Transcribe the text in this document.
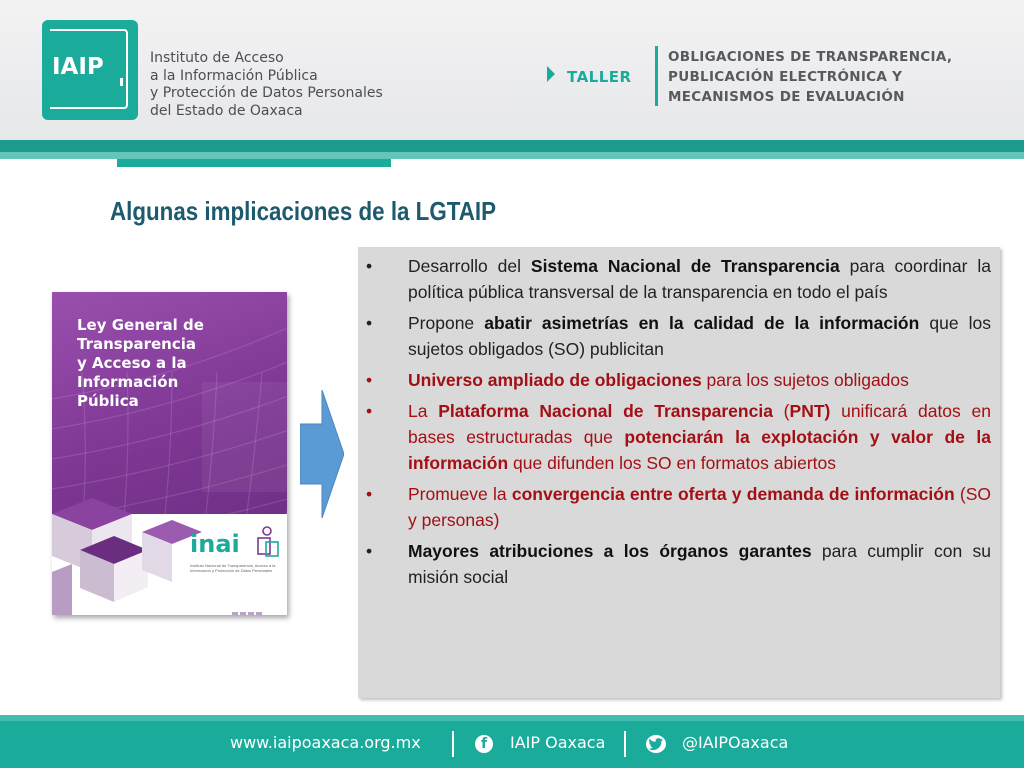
IAIP	Instituto de Acceso
a la Información Pública
y Protección de Datos Personales
del Estado de Oaxaca
TALLER
OBLIGACIONES DE TRANSPARENCIA,
PUBLICACIÓN ELECTRÓNICA Y
MECANISMOS DE EVALUACIÓN
Algunas implicaciones de la LGTAIP
Ley General de
Transparencia
y Acceso a la
Información
Pública
inai
Instituto Nacional de Transparencia, Acceso a la Información y Protección de Datos Personales
• Desarrollo del Sistema Nacional de Transparencia para coordinar la política pública transversal de la transparencia en todo el país
• Propone abatir asimetrías en la calidad de la información que los sujetos obligados (SO) publicitan
• Universo ampliado de obligaciones para los sujetos obligados
• La Plataforma Nacional de Transparencia (PNT) unificará datos en bases estructuradas que potenciarán la explotación y valor de la información que difunden los SO en formatos abiertos
• Promueve la convergencia entre oferta y demanda de información (SO y personas)
• Mayores atribuciones a los órganos garantes para cumplir con su misión social
www.iaipoaxaca.org.mx	f IAIP Oaxaca	@IAIPOaxaca
